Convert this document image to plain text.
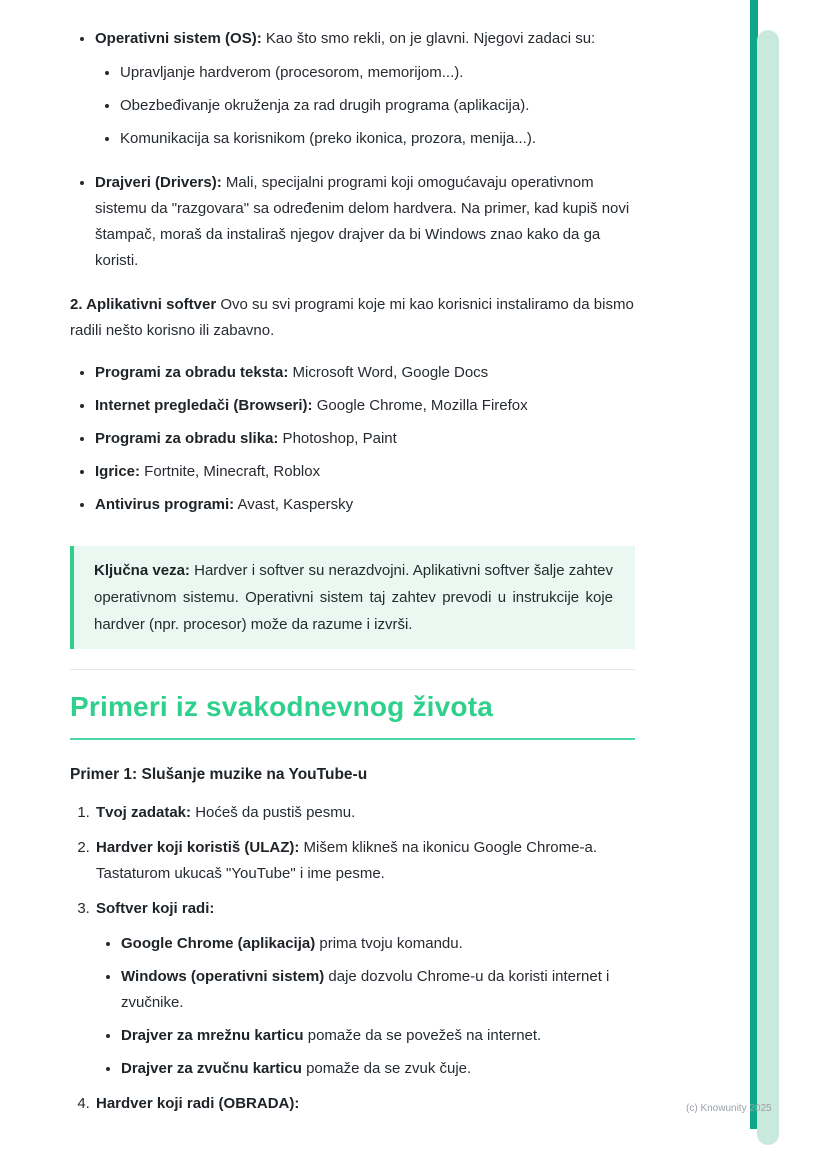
• Operativni sistem (OS): Kao što smo rekli, on je glavni. Njegovi zadaci su:

• Upravljanje hardverom (procesorom, memorijom...).
• Obezbeđivanje okruženja za rad drugih programa (aplikacija).
• Komunikacija sa korisnikom (preko ikonica, prozora, menija...).

• Drajveri (Drivers): Mali, specijalni programi koji omogućavaju operativnom sistemu da "razgovara" sa određenim delom hardvera. Na primer, kad kupiš novi štampač, moraš da instaliraš njegov drajver da bi Windows znao kako da ga koristi.

2. Aplikativni softver Ovo su svi programi koje mi kao korisnici instaliramo da bismo radili nešto korisno ili zabavno.

• Programi za obradu teksta: Microsoft Word, Google Docs
• Internet pregledači (Browseri): Google Chrome, Mozilla Firefox
• Programi za obradu slika: Photoshop, Paint
• Igrice: Fortnite, Minecraft, Roblox
• Antivirus programi: Avast, Kaspersky

Ključna veza: Hardver i softver su nerazdvojni. Aplikativni softver šalje zahtev operativnom sistemu. Operativni sistem taj zahtev prevodi u instrukcije koje hardver (npr. procesor) može da razume i izvrši.

Primeri iz svakodnevnog života

Primer 1: Slušanje muzike na YouTube-u

1. Tvoj zadatak: Hoćeš da pustiš pesmu.

2. Hardver koji koristiš (ULAZ): Mišem klikneš na ikonicu Google Chrome-a. Tastaturom ukucaš "YouTube" i ime pesme.

3. Softver koji radi:

• Google Chrome (aplikacija) prima tvoju komandu.
• Windows (operativni sistem) daje dozvolu Chrome-u da koristi internet i zvučnike.
• Drajver za mrežnu karticu pomaže da se povežeš na internet.
• Drajver za zvučnu karticu pomaže da se zvuk čuje.

4. Hardver koji radi (OBRADA):	(c) Knowunity 2025
